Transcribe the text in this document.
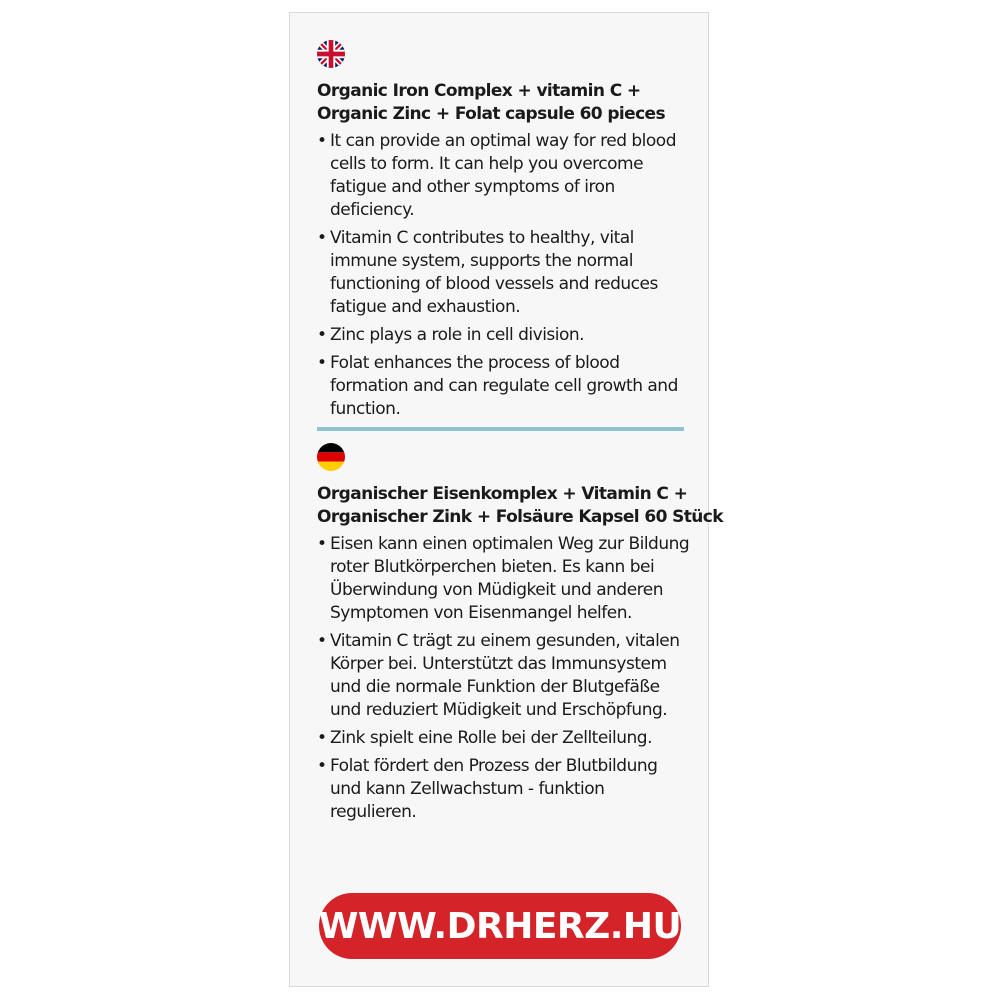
Organic Iron Complex + vitamin C +
Organic Zinc + Folat capsule 60 pieces
• It can provide an optimal way for red blood cells to form. It can help you overcome fatigue and other symptoms of iron deficiency.
• Vitamin C contributes to healthy, vital immune system, supports the normal functioning of blood vessels and reduces fatigue and exhaustion.
• Zinc plays a role in cell division.
• Folat enhances the process of blood formation and can regulate cell growth and function.
Organischer Eisenkomplex + Vitamin C +
Organischer Zink + Folsäure Kapsel 60 Stück
• Eisen kann einen optimalen Weg zur Bildung roter Blutkörperchen bieten. Es kann bei Überwindung von Müdigkeit und anderen Symptomen von Eisenmangel helfen.
• Vitamin C trägt zu einem gesunden, vitalen Körper bei. Unterstützt das Immunsystem und die normale Funktion der Blutgefäße und reduziert Müdigkeit und Erschöpfung.
• Zink spielt eine Rolle bei der Zellteilung.
• Folat fördert den Prozess der Blutbildung und kann Zellwachstum - funktion regulieren.
WWW.DRHERZ.HU
